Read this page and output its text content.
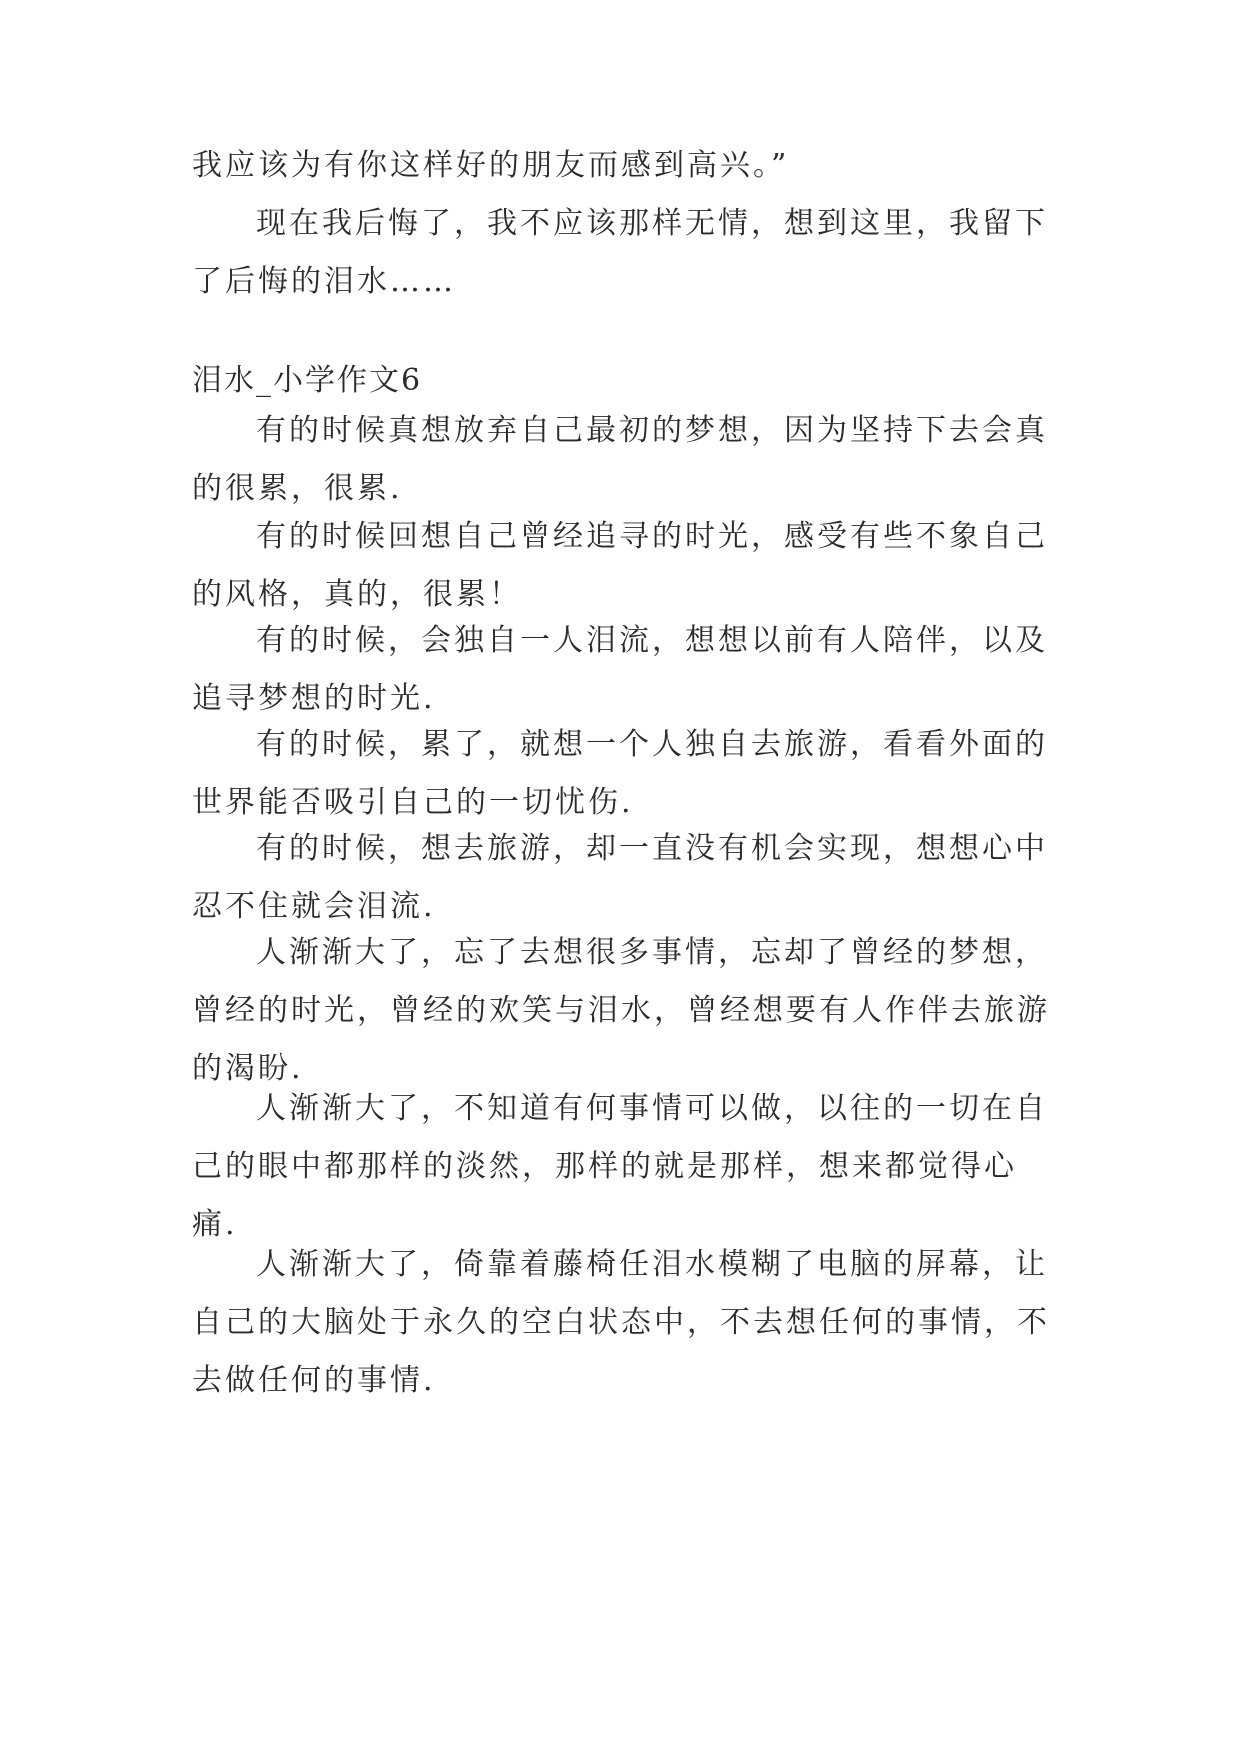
我应该为有你这样好的朋友而感到高兴。”
现在我后悔了，我不应该那样无情，想到这里，我留下了后悔的泪水……
泪水_小学作文6
有的时候真想放弃自己最初的梦想，因为坚持下去会真的很累，很累.
有的时候回想自己曾经追寻的时光，感受有些不象自己的风格，真的，很累！
有的时候，会独自一人泪流，想想以前有人陪伴，以及追寻梦想的时光.
有的时候，累了，就想一个人独自去旅游，看看外面的世界能否吸引自己的一切忧伤.
有的时候，想去旅游，却一直没有机会实现，想想心中忍不住就会泪流.
人渐渐大了，忘了去想很多事情，忘却了曾经的梦想，曾经的时光，曾经的欢笑与泪水，曾经想要有人作伴去旅游的渴盼.
人渐渐大了，不知道有何事情可以做，以往的一切在自己的眼中都那样的淡然，那样的就是那样，想来都觉得心痛.
人渐渐大了，倚靠着藤椅任泪水模糊了电脑的屏幕，让自己的大脑处于永久的空白状态中，不去想任何的事情，不去做任何的事情.
